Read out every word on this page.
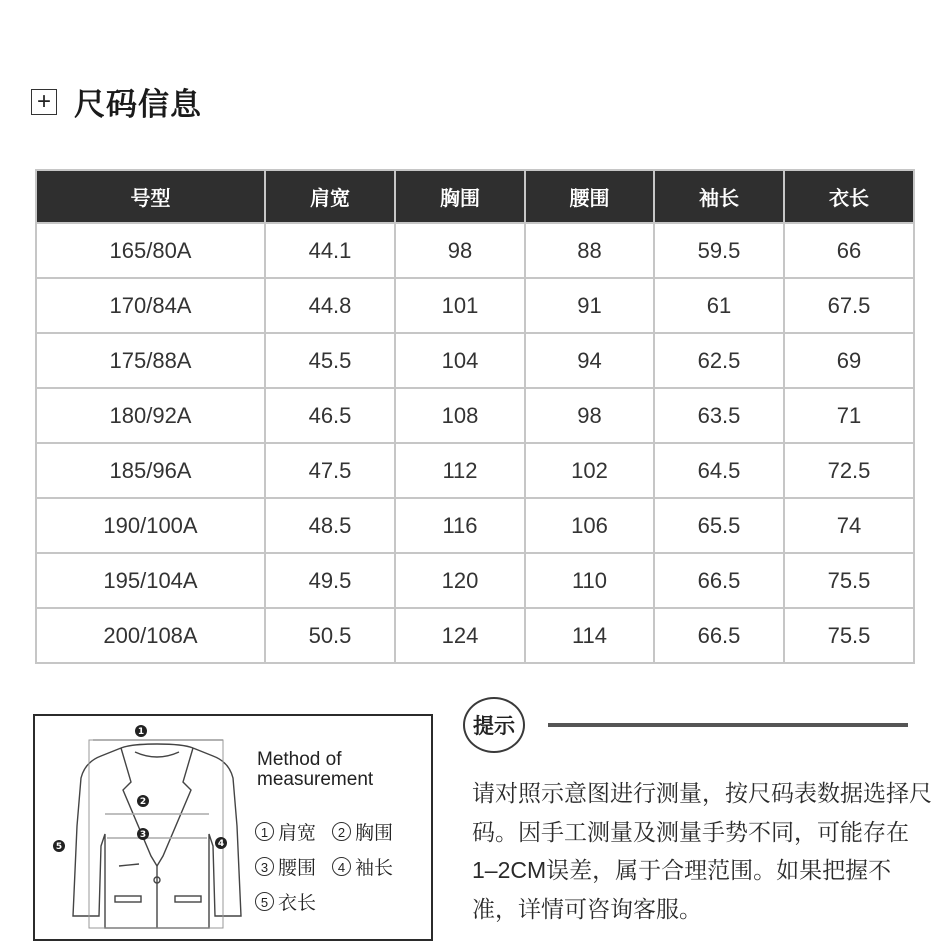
+ 尺码信息
号型	肩宽	胸围	腰围	袖长	衣长
165/80A	44.1	98	88	59.5	66
170/84A	44.8	101	91	61	67.5
175/88A	45.5	104	94	62.5	69
180/92A	46.5	108	98	63.5	71
185/96A	47.5	112	102	64.5	72.5
190/100A	48.5	116	106	65.5	74
195/104A	49.5	120	110	66.5	75.5
200/108A	50.5	124	114	66.5	75.5
1
2
3
4
5
Method of
measurement
1 肩宽	2 胸围
3 腰围	4 袖长
5 衣长
提示

请对照示意图进行测量，按尺码表数据选择尺码。因手工测量及测量手势不同，可能存在1–2CM误差，属于合理范围。如果把握不准，详情可咨询客服。
